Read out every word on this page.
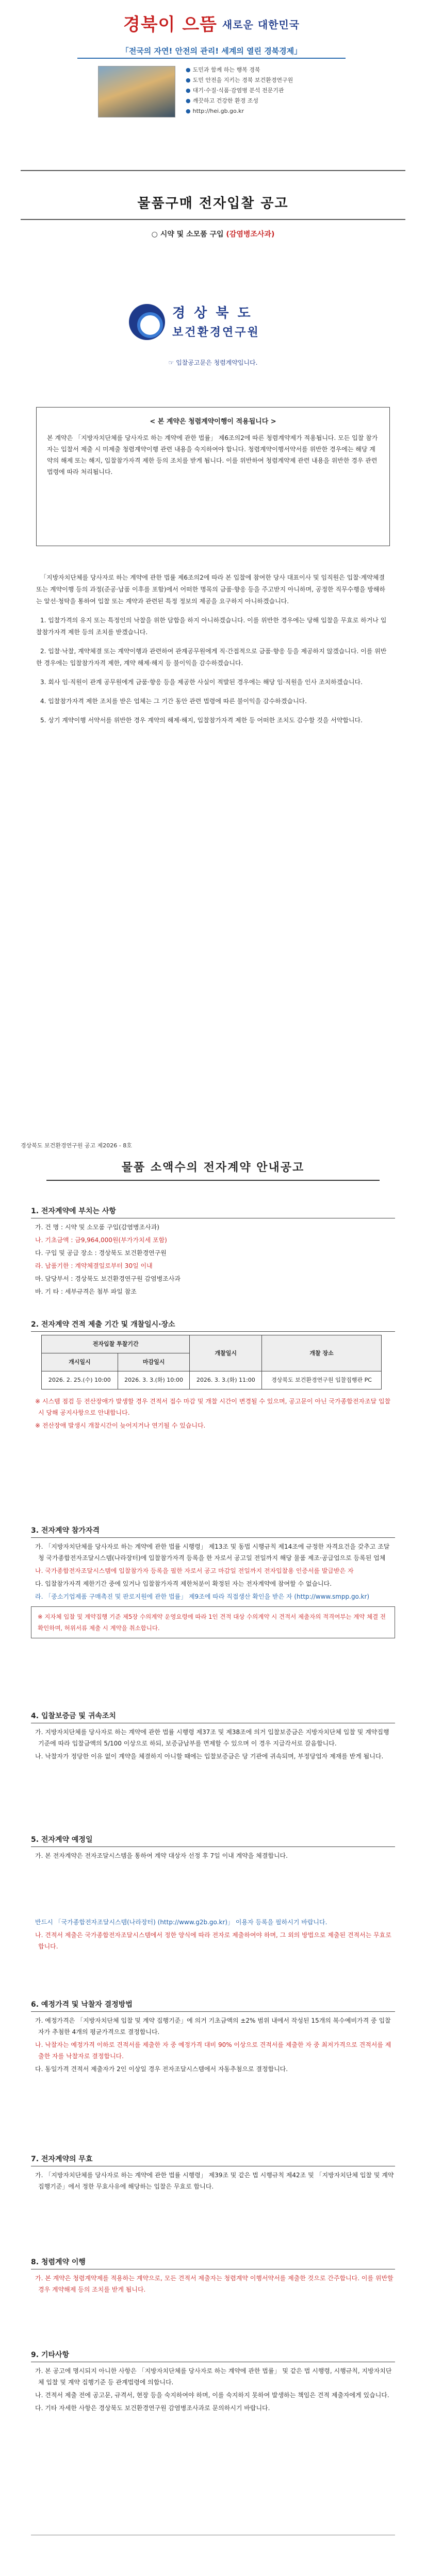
경북이 으뜸 새로운 대한민국
「전국의 자연! 안전의 관리! 세계의 열린 경북경제」
● 도민과 함께 하는 행복 경북
● 도민 안전을 지키는 경북 보건환경연구원
● 대기·수질·식품·감염병 분석 전문기관
● 깨끗하고 건강한 환경 조성
● http://hei.gb.go.kr
물품구매 전자입찰 공고
○ 시약 및 소모품 구입 (감염병조사과)
경 상 북 도
보건환경연구원
☞ 입찰공고문은 청렴계약입니다.
< 본 계약은 청렴계약이행이 적용됩니다 >

본 계약은 「지방자치단체를 당사자로 하는 계약에 관한 법률」 제6조의2에 따른 청렴계약제가 적용됩니다. 모든 입찰 참가자는 입찰서 제출 시 미제출 청렴계약이행 관련 내용을 숙지하여야 합니다. 청렴계약이행서약서를 위반한 경우에는 해당 계약의 해제 또는 해지, 입찰참가자격 제한 등의 조치를 받게 됩니다. 이를 위반하여 청렴계약제 관련 내용을 위반한 경우 관련 법령에 따라 처리됩니다.

「지방자치단체를 당사자로 하는 계약에 관한 법률 제6조의2에 따라 본 입찰에 참여한 당사 대표이사 및 임직원은 입찰·계약체결 또는 계약이행 등의 과정(준공·납품 이후를 포함)에서 어떠한 명목의 금품·향응 등을 주고받지 아니하며, 공정한 직무수행을 방해하는 알선·청탁을 통하여 입찰 또는 계약과 관련된 특정 정보의 제공을 요구하지 아니하겠습니다.

1. 입찰가격의 유지 또는 특정인의 낙찰을 위한 담합을 하지 아니하겠습니다. 이를 위반한 경우에는 당해 입찰을 무효로 하거나 입찰참가자격 제한 등의 조치를 받겠습니다.

2. 입찰·낙찰, 계약체결 또는 계약이행과 관련하여 관계공무원에게 직·간접적으로 금품·향응 등을 제공하지 않겠습니다. 이를 위반한 경우에는 입찰참가자격 제한, 계약 해제·해지 등 불이익을 감수하겠습니다.

3. 회사 임·직원이 관계 공무원에게 금품·향응 등을 제공한 사실이 적발된 경우에는 해당 임·직원을 인사 조치하겠습니다.

4. 입찰참가자격 제한 조치를 받은 업체는 그 기간 동안 관련 법령에 따른 불이익을 감수하겠습니다.

5. 상기 계약이행 서약서를 위반한 경우 계약의 해제·해지, 입찰참가자격 제한 등 어떠한 조치도 감수할 것을 서약합니다.

경상북도 보건환경연구원 공고 제2026 - 8호
물품 소액수의 전자계약 안내공고
1. 전자계약에 부치는 사항
가. 건 명 : 시약 및 소모품 구입(감염병조사과)
나. 기초금액 : 금9,964,000원(부가가치세 포함)
다. 구입 및 공급 장소 : 경상북도 보건환경연구원
라. 납품기한 : 계약체결일로부터 30일 이내
마. 담당부서 : 경상북도 보건환경연구원 감염병조사과
바. 기 타 : 세부규격은 첨부 파일 참조
2. 전자계약 견적 제출 기간 및 개찰일시·장소
전자입찰 투찰기간		개찰일시	개찰 장소
개시일시	마감일시		
2026. 2. 25.(수) 10:00	2026. 3. 3.(화) 10:00	2026. 3. 3.(화) 11:00	경상북도 보건환경연구원 입찰집행관 PC
※ 시스템 점검 등 전산장애가 발생할 경우 견적서 접수 마감 및 개찰 시간이 변경될 수 있으며, 공고문이 아닌 국가종합전자조달 입찰시 당해 공지사항으로 안내합니다.
※ 전산장애 발생시 개찰시간이 늦어지거나 연기될 수 있습니다.
3. 전자계약 참가자격
가. 「지방자치단체를 당사자로 하는 계약에 관한 법률 시행령」 제13조 및 동법 시행규칙 제14조에 규정한 자격요건을 갖추고 조달청 국가종합전자조달시스템(나라장터)에 입찰참가자격 등록을 한 자로서 공고일 전일까지 해당 물품 제조·공급업으로 등록된 업체
나. 국가종합전자조달시스템에 입찰참가자 등록을 필한 자로서 공고 마감일 전일까지 전자입찰용 인증서를 발급받은 자
다. 입찰참가자격 제한기간 중에 있거나 입찰참가자격 제한처분이 확정된 자는 전자계약에 참여할 수 없습니다.
라. 「중소기업제품 구매촉진 및 판로지원에 관한 법률」 제9조에 따라 직접생산 확인을 받은 자 (http://www.smpp.go.kr)
※ 지자체 입찰 및 계약집행 기준 제5장 수의계약 운영요령에 따라 1인 견적 대상 수의계약 시 견적서 제출자의 적격여부는 계약 체결 전 확인하며, 허위서류 제출 시 계약을 취소합니다.
4. 입찰보증금 및 귀속조치
가. 지방자치단체를 당사자로 하는 계약에 관한 법률 시행령 제37조 및 제38조에 의거 입찰보증금은 지방자치단체 입찰 및 계약집행기준에 따라 입찰금액의 5/100 이상으로 하되, 보증금납부를 면제할 수 있으며 이 경우 지급각서로 갈음합니다.
나. 낙찰자가 정당한 이유 없이 계약을 체결하지 아니할 때에는 입찰보증금은 당 기관에 귀속되며, 부정당업자 제재를 받게 됩니다.
5. 전자계약 예정일
가. 본 전자계약은 전자조달시스템을 통하여 계약 대상자 선정 후 7일 이내 계약을 체결합니다.
반드시 「국가종합전자조달시스템(나라장터) (http://www.g2b.go.kr)」 이용자 등록을 필하시기 바랍니다.
나. 견적서 제출은 국가종합전자조달시스템에서 정한 양식에 따라 전자로 제출하여야 하며, 그 외의 방법으로 제출된 견적서는 무효로 합니다.
6. 예정가격 및 낙찰자 결정방법
가. 예정가격은 「지방자치단체 입찰 및 계약 집행기준」에 의거 기초금액의 ±2% 범위 내에서 작성된 15개의 복수예비가격 중 입찰자가 추첨한 4개의 평균가격으로 결정합니다.
나. 낙찰자는 예정가격 이하로 견적서를 제출한 자 중 예정가격 대비 90% 이상으로 견적서를 제출한 자 중 최저가격으로 견적서를 제출한 자를 낙찰자로 결정합니다.
다. 동일가격 견적서 제출자가 2인 이상일 경우 전자조달시스템에서 자동추첨으로 결정합니다.
7. 전자계약의 무효
가. 「지방자치단체를 당사자로 하는 계약에 관한 법률 시행령」 제39조 및 같은 법 시행규칙 제42조 및 「지방자치단체 입찰 및 계약 집행기준」에서 정한 무효사유에 해당하는 입찰은 무효로 합니다.
8. 청렴계약 이행
가. 본 계약은 청렴계약제를 적용하는 계약으로, 모든 견적서 제출자는 청렴계약 이행서약서를 제출한 것으로 간주합니다. 이를 위반할 경우 계약해제 등의 조치를 받게 됩니다.
9. 기타사항
가. 본 공고에 명시되지 아니한 사항은 「지방자치단체를 당사자로 하는 계약에 관한 법률」 및 같은 법 시행령, 시행규칙, 지방자치단체 입찰 및 계약 집행기준 등 관계법령에 의합니다.
나. 견적서 제출 전에 공고문, 규격서, 현장 등을 숙지하여야 하며, 이를 숙지하지 못하여 발생하는 책임은 견적 제출자에게 있습니다.
다. 기타 자세한 사항은 경상북도 보건환경연구원 감염병조사과로 문의하시기 바랍니다.
